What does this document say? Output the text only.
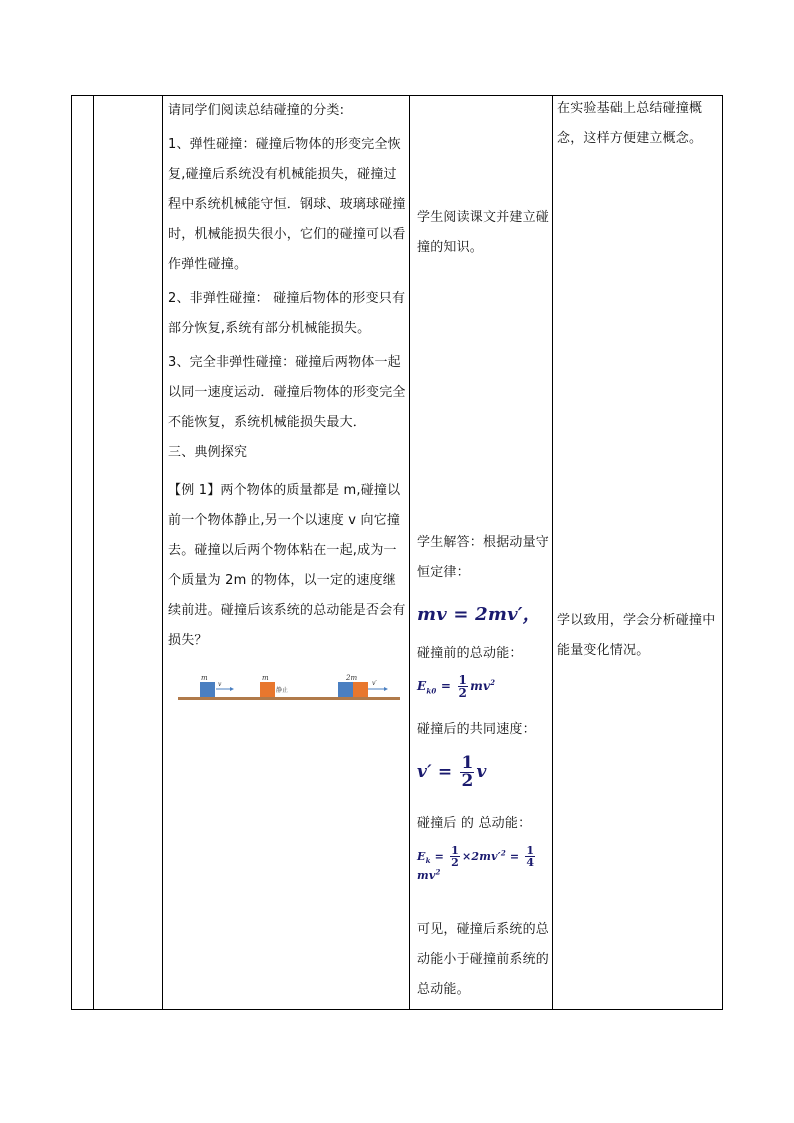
请同学们阅读总结碰撞的分类:

1、弹性碰撞：碰撞后物体的形变完全恢复,碰撞后系统没有机械能损失，碰撞过程中系统机械能守恒．钢球、玻璃球碰撞时，机械能损失很小，它们的碰撞可以看作弹性碰撞。

2、非弹性碰撞： 碰撞后物体的形变只有部分恢复,系统有部分机械能损失。

3、完全非弹性碰撞：碰撞后两物体一起以同一速度运动．碰撞后物体的形变完全不能恢复，系统机械能损失最大．

三、典例探究

【例 1】两个物体的质量都是 m,碰撞以前一个物体静止,另一个以速度 v 向它撞去。碰撞以后两个物体粘在一起,成为一个质量为 2m 的物体，以一定的速度继续前进。碰撞后该系统的总动能是否会有损失？

m
v
m
静止
2m
v′
学生阅读课文并建立碰撞的知识。
学生解答：根据动量守恒定律：
mv = 2mv′，
碰撞前的总动能：
$E_{k0} = \frac{1}{2} mv^2$
碰撞后的共同速度：
$v' = \frac{1}{2}$ v
碰撞后 的 总动能：
$E_k = \frac{1}{2} \times 2mv'^2 = \frac{1}{4}$
$mv^2$
可见，碰撞后系统的总动能小于碰撞前系统的总动能。
在实验基础上总结碰撞概念，这样方便建立概念。
学以致用，学会分析碰撞中能量变化情况。
